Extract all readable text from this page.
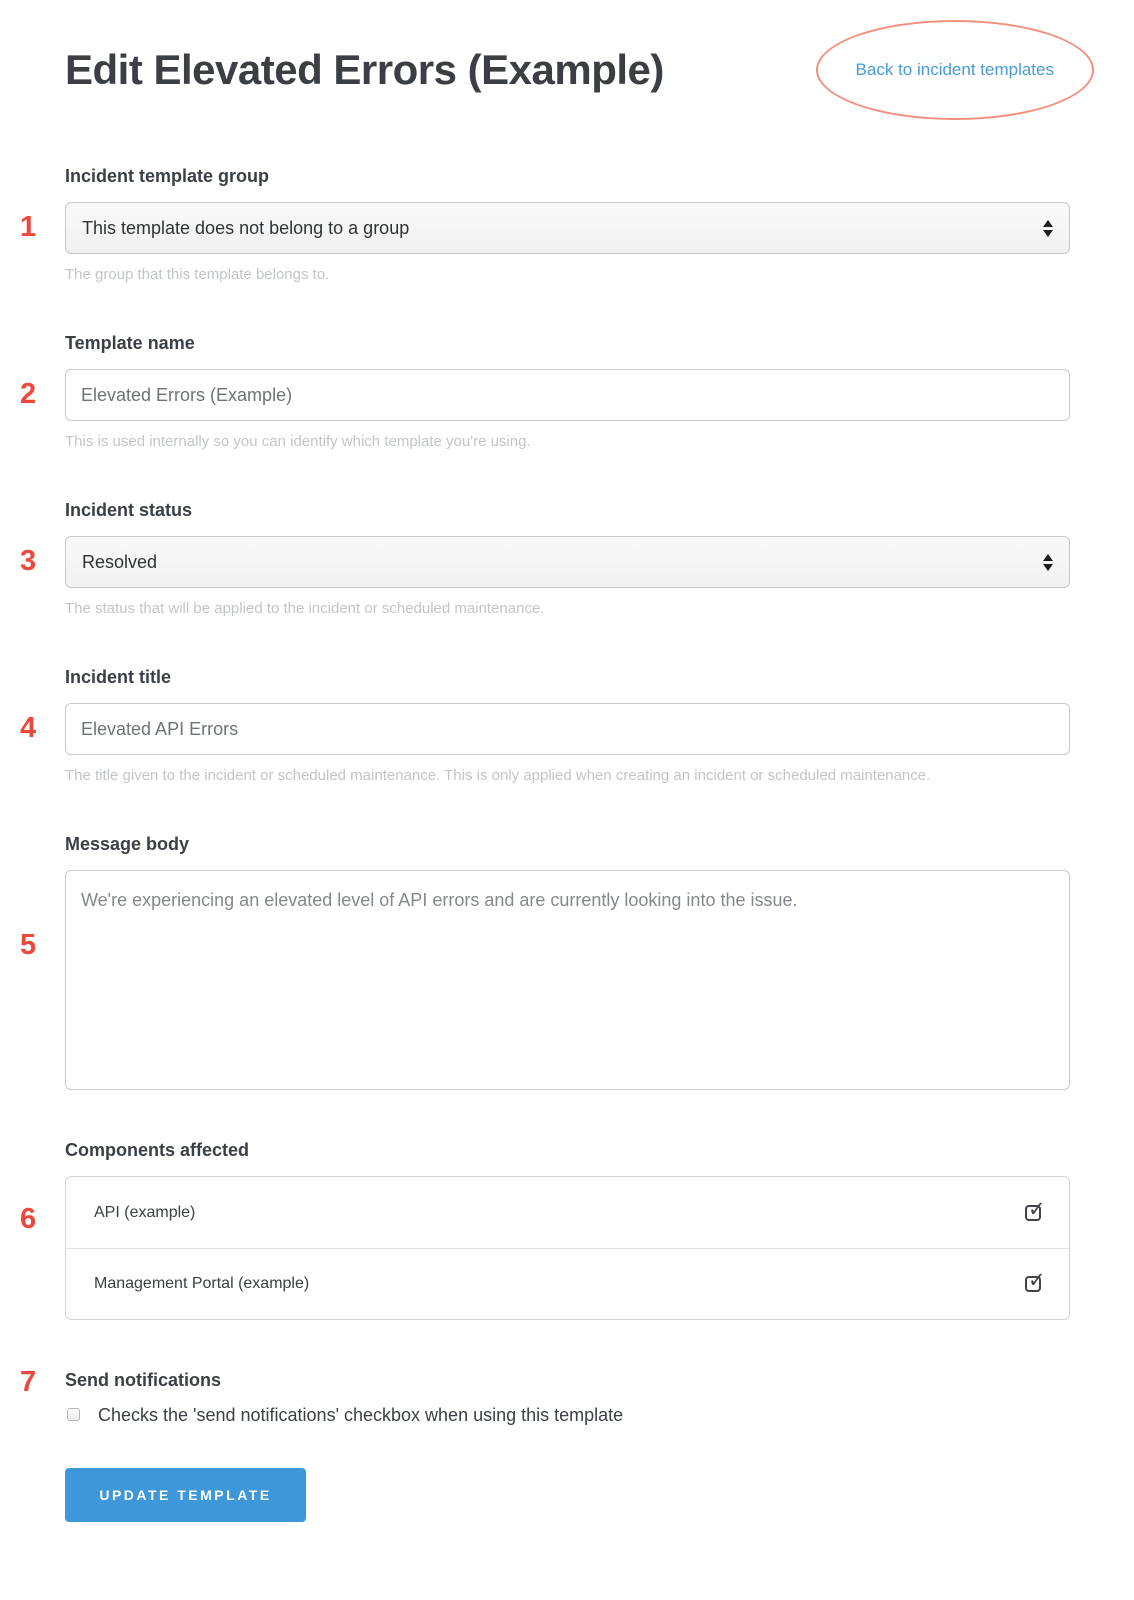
Edit Elevated Errors (Example)	Back to incident templates
1
Incident template group
This template does not belong to a group
The group that this template belongs to.
2
Template name
Elevated Errors (Example)
This is used internally so you can identify which template you're using.
3
Incident status
Resolved
The status that will be applied to the incident or scheduled maintenance.
4
Incident title
Elevated API Errors
The title given to the incident or scheduled maintenance. This is only applied when creating an incident or scheduled maintenance.
5
Message body
We're experiencing an elevated level of API errors and are currently looking into the issue.
6
Components affected
API (example)	✓
Management Portal (example)	✓
7 Send notifications
Checks the 'send notifications' checkbox when using this template
UPDATE TEMPLATE
